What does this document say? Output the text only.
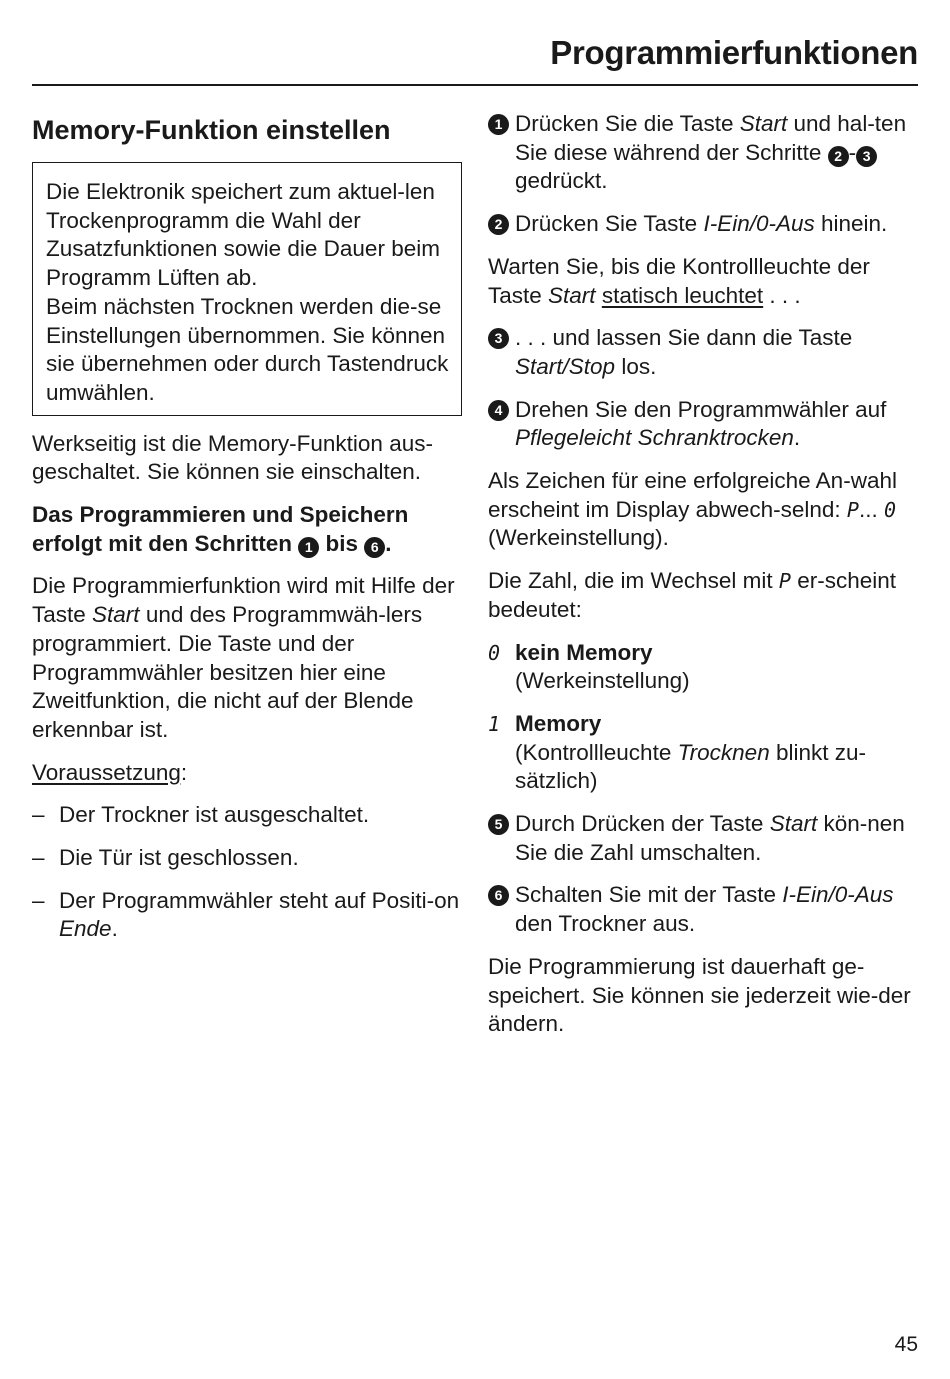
Programmierfunktionen
Memory-Funktion einstellen

Die Elektronik speichert zum aktuel-len Trockenprogramm die Wahl der Zusatzfunktionen sowie die Dauer beim Programm Lüften ab.

Beim nächsten Trocknen werden die-se Einstellungen übernommen. Sie können sie übernehmen oder durch Tastendruck umwählen.

Werkseitig ist die Memory-Funktion aus-geschaltet. Sie können sie einschalten.

Das Programmieren und Speichern erfolgt mit den Schritten 1 bis 6 .

Die Programmierfunktion wird mit Hilfe der Taste Start und des Programmwäh-lers programmiert. Die Taste und der Programmwähler besitzen hier eine Zweitfunktion, die nicht auf der Blende erkennbar ist.

Voraussetzung:

– Der Trockner ist ausgeschaltet.
– Die Tür ist geschlossen.
– Der Programmwähler steht auf Positi-on Ende.
1 Drücken Sie die Taste Start und hal-ten Sie diese während der Schritte 2 - 3 gedrückt.
2 Drücken Sie Taste I-Ein/0-Aus hinein.

Warten Sie, bis die Kontrollleuchte der Taste Start statisch leuchtet . . .

3 . . . und lassen Sie dann die Taste Start/Stop los.
4 Drehen Sie den Programmwähler auf Pflegeleicht Schranktrocken.

Als Zeichen für eine erfolgreiche An-wahl erscheint im Display abwech-selnd: P... 0 (Werkeinstellung).

Die Zahl, die im Wechsel mit P er-scheint bedeutet:

0 kein Memory
(Werkeinstellung)
1 Memory
(Kontrollleuchte Trocknen blinkt zu-sätzlich)
5 Durch Drücken der Taste Start kön-nen Sie die Zahl umschalten.
6 Schalten Sie mit der Taste I-Ein/0-Aus den Trockner aus.

Die Programmierung ist dauerhaft ge-speichert. Sie können sie jederzeit wie-der ändern.

45
